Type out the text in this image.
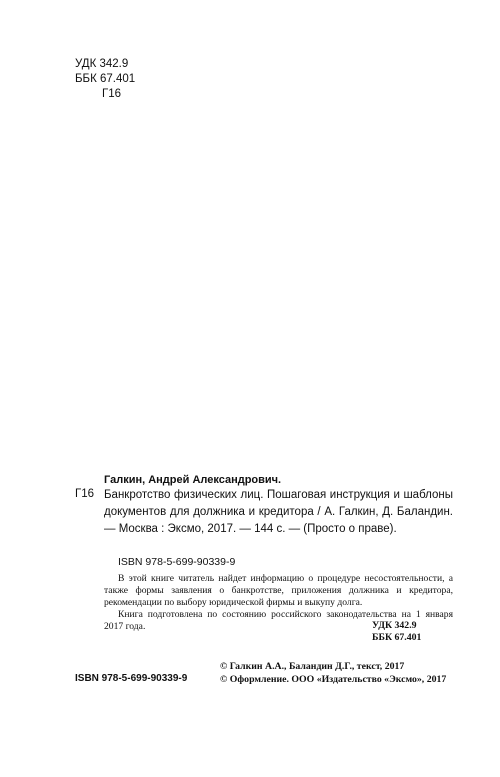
УДК 342.9
ББК 67.401
Г16
Галкин, Андрей Александрович.
Г16 Банкротство физических лиц. Пошаговая инструкция и шаблоны документов для должника и кредитора / А. Галкин, Д. Баландин. — Москва : Эксмо, 2017. — 144 с. — (Просто о праве).
ISBN 978-5-699-90339-9

В этой книге читатель найдет информацию о процедуре несостоятельности, а также формы заявления о банкротстве, приложения должника и кредитора, рекомендации по выбору юридической фирмы и выкупу долга.

Книга подготовлена по состоянию российского законодательства на 1 января 2017 года.	УДК 342.9
ББК 67.401
ISBN 978-5-699-90339-9
© Галкин А.А., Баландин Д.Г., текст, 2017
© Оформление. ООО «Издательство «Эксмо», 2017
